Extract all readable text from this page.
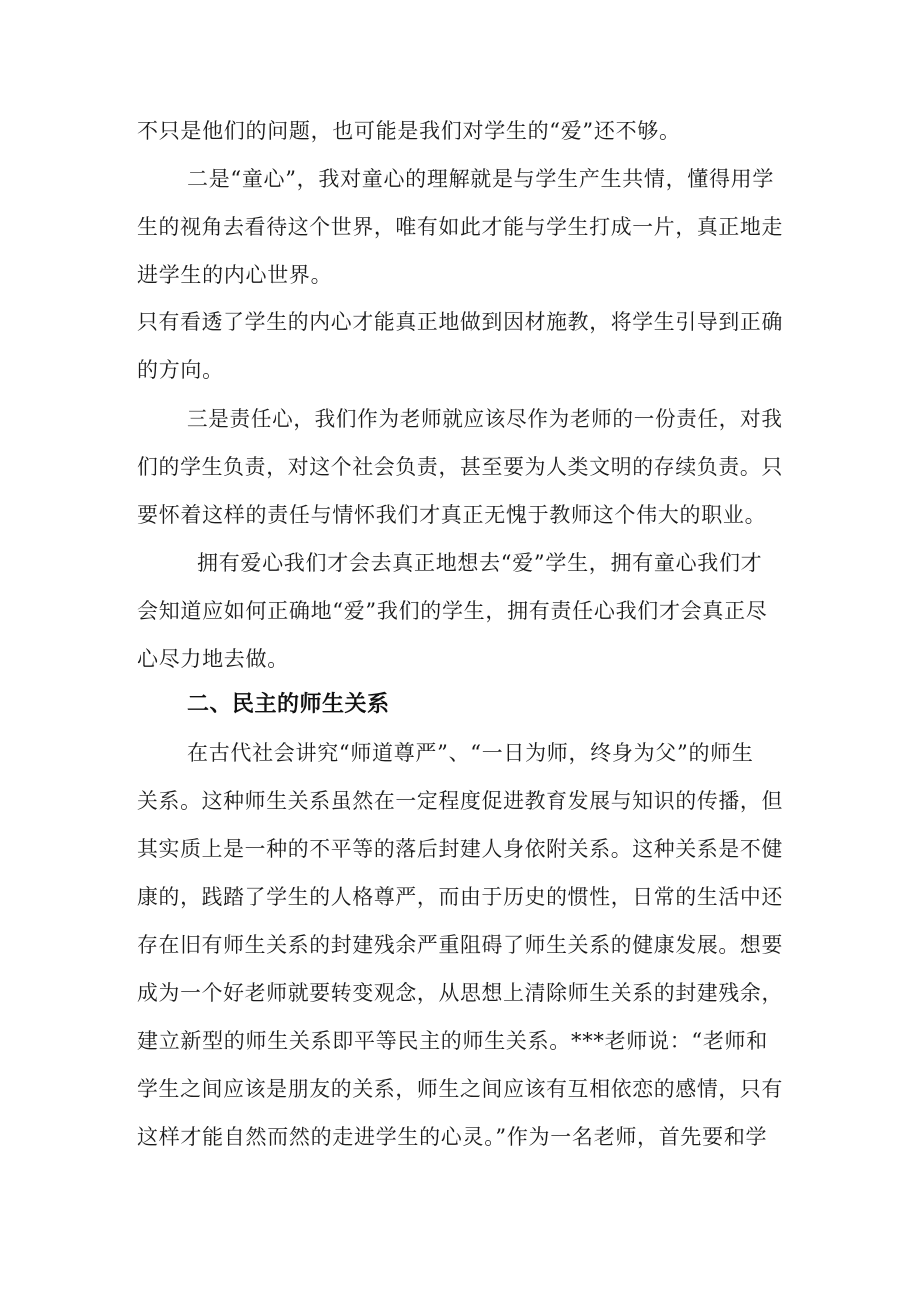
不只是他们的问题，也可能是我们对学生的“爱”还不够。
二是“童心”，我对童心的理解就是与学生产生共情，懂得用学
生的视角去看待这个世界，唯有如此才能与学生打成一片，真正地走
进学生的内心世界。
只有看透了学生的内心才能真正地做到因材施教，将学生引导到正确
的方向。
三是责任心，我们作为老师就应该尽作为老师的一份责任，对我
们的学生负责，对这个社会负责，甚至要为人类文明的存续负责。只
要怀着这样的责任与情怀我们才真正无愧于教师这个伟大的职业。
拥有爱心我们才会去真正地想去“爱”学生，拥有童心我们才
会知道应如何正确地“爱”我们的学生，拥有责任心我们才会真正尽
心尽力地去做。
二、民主的师生关系
在古代社会讲究“师道尊严”、“一日为师，终身为父”的师生
关系。这种师生关系虽然在一定程度促进教育发展与知识的传播，但
其实质上是一种的不平等的落后封建人身依附关系。这种关系是不健
康的，践踏了学生的人格尊严，而由于历史的惯性，日常的生活中还
存在旧有师生关系的封建残余严重阻碍了师生关系的健康发展。想要
成为一个好老师就要转变观念，从思想上清除师生关系的封建残余，
建立新型的师生关系即平等民主的师生关系。***老师说：“老师和
学生之间应该是朋友的关系，师生之间应该有互相依恋的感情，只有
这样才能自然而然的走进学生的心灵。”作为一名老师，首先要和学
